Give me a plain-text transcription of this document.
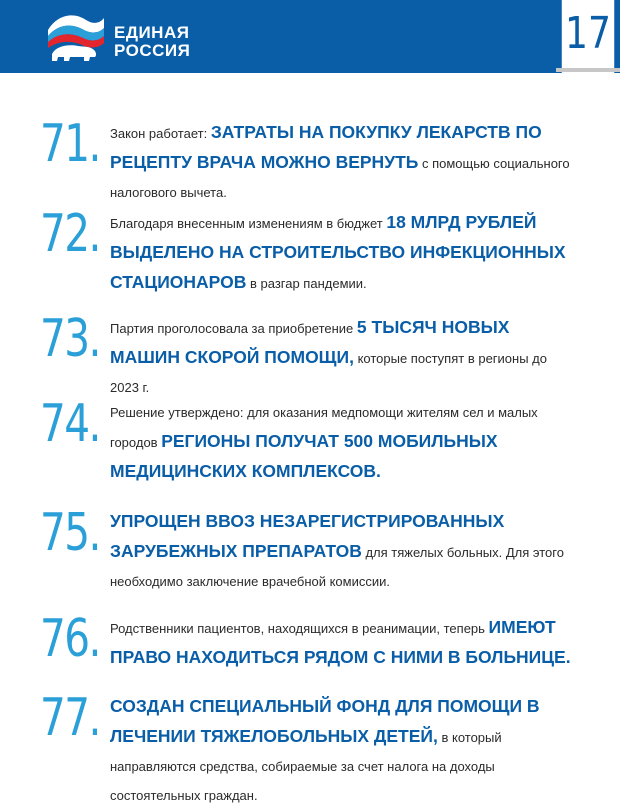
ЕДИНАЯ
РОССИЯ	17
71. Закон работает: ЗАТРАТЫ НА ПОКУПКУ ЛЕКАРСТВ ПО РЕЦЕПТУ ВРАЧА МОЖНО ВЕРНУТЬ с помощью социального налогового вычета.
72. Благодаря внесенным изменениям в бюджет 18 МЛРД РУБЛЕЙ ВЫДЕЛЕНО НА СТРОИТЕЛЬСТВО ИНФЕКЦИОННЫХ СТАЦИОНАРОВ в разгар пандемии.
73. Партия проголосовала за приобретение 5 ТЫСЯЧ НОВЫХ МАШИН СКОРОЙ ПОМОЩИ, которые поступят в регионы до 2023 г.
74. Решение утверждено: для оказания медпомощи жителям сел и малых городов РЕГИОНЫ ПОЛУЧАТ 500 МОБИЛЬНЫХ МЕДИЦИНСКИХ КОМПЛЕКСОВ.
75. УПРОЩЕН ВВОЗ НЕЗАРЕГИСТРИРОВАННЫХ ЗАРУБЕЖНЫХ ПРЕПАРАТОВ для тяжелых больных. Для этого необходимо заключение врачебной комиссии.
76. Родственники пациентов, находящихся в реанимации, теперь ИМЕЮТ ПРАВО НАХОДИТЬСЯ РЯДОМ С НИМИ В БОЛЬНИЦЕ.
77. СОЗДАН СПЕЦИАЛЬНЫЙ ФОНД ДЛЯ ПОМОЩИ В ЛЕЧЕНИИ ТЯЖЕЛОБОЛЬНЫХ ДЕТЕЙ, в который направляются средства, собираемые за счет налога на доходы состоятельных граждан.
